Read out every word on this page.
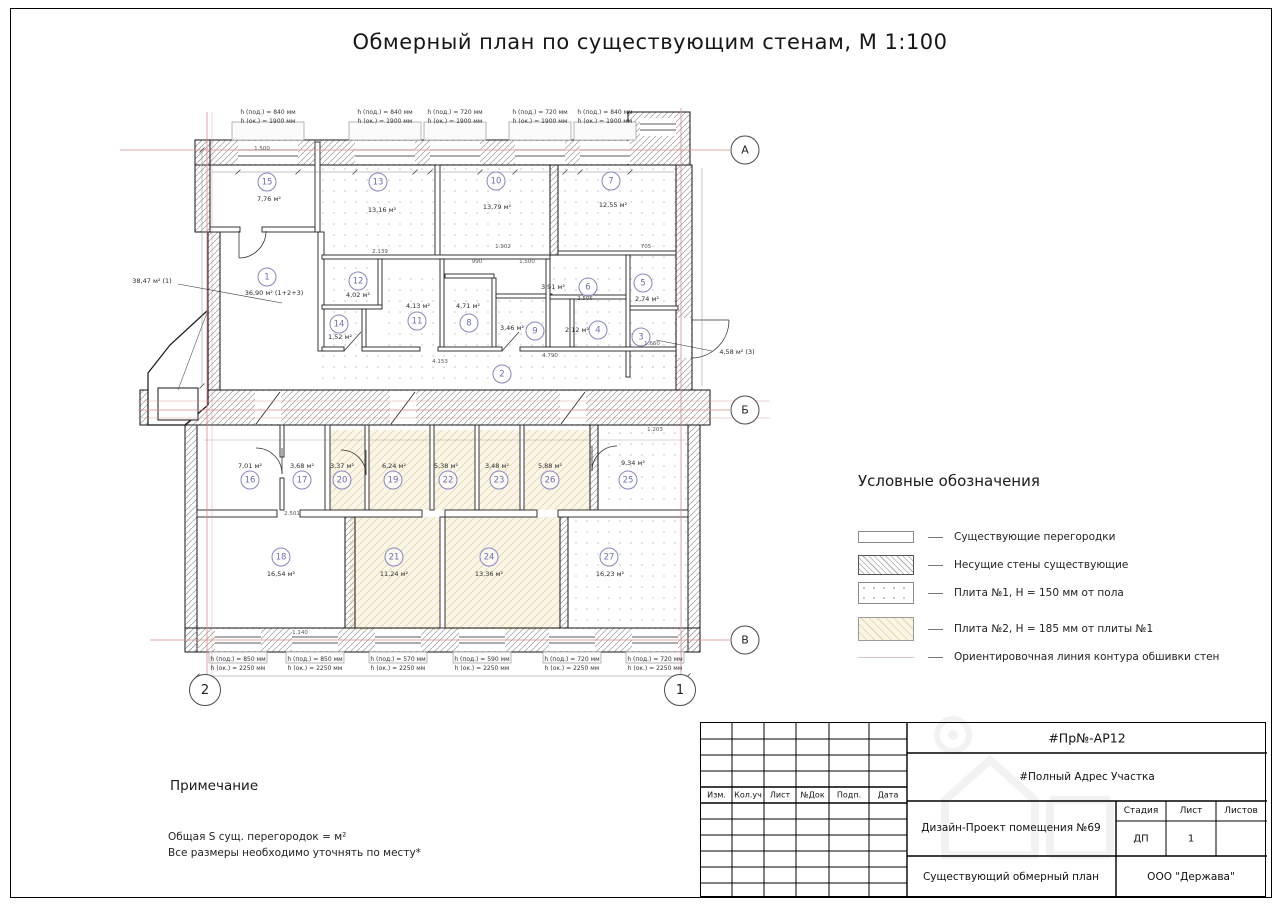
Обмерный план по существующим стенам, М 1:100
1
36,90 м² (1+2+3)
2
3
4
2,12 м²
5
2,74 м²
6
3,91 м²
7
12,55 м²
8
4,71 м²
9
3,46 м²
10
13,79 м²
11
4,13 м²
12
4,02 м²
13
13,16 м²
14
1,52 м²
15
7,76 м²
16
7,01 м²
17
3,68 м²
18
16,54 м²
19
6,24 м²
20
3,37 м²
21
11,24 м²
22
5,38 м²
23
3,48 м²
24
13,36 м²
25
9,34 м²
26
5,88 м²
27
16,23 м²
38,47 м² (1)
4,58 м² (3)
h (под.) = 840 мм
h (ок.) = 1900 мм
h (под.) = 840 мм
h (ок.) = 1900 мм
h (под.) = 720 мм
h (ок.) = 1900 мм
h (под.) = 720 мм
h (ок.) = 1900 мм
h (под.) = 840 мм
h (ок.) = 1900 мм
h (под.) = 850 мм
h (ок.) = 2250 мм
h (под.) = 850 мм
h (ок.) = 2250 мм
h (под.) = 570 мм
h (ок.) = 2250 мм
h (под.) = 590 мм
h (ок.) = 2250 мм
h (под.) = 720 мм
h (ок.) = 2250 мм
h (под.) = 720 мм
h (ок.) = 2250 мм
1.500
1.902	705
990	1.500
2.506
2.139
1.660
4.790
4.153
1.203
2.501
1.140
А
Б
В
2	1
Существующие перегородки
Несущие стены существующие
Плита №1, Н = 150 мм от пола
Плита №2, Н = 185 мм от плиты №1
Ориентировочная линия контура обшивки стен
Условные обозначения
Примечание
Общая S сущ. перегородок = м²
Все размеры необходимо уточнять по месту*
#Пр№-АР12
#Полный Адрес Участка
Дизайн-Проект помещения №69
Стадия Лист Листов
ДП	1
Существующий обмерный план	ООО "Держава"
Изм. Кол.уч Лист №Док Подп. Дата
